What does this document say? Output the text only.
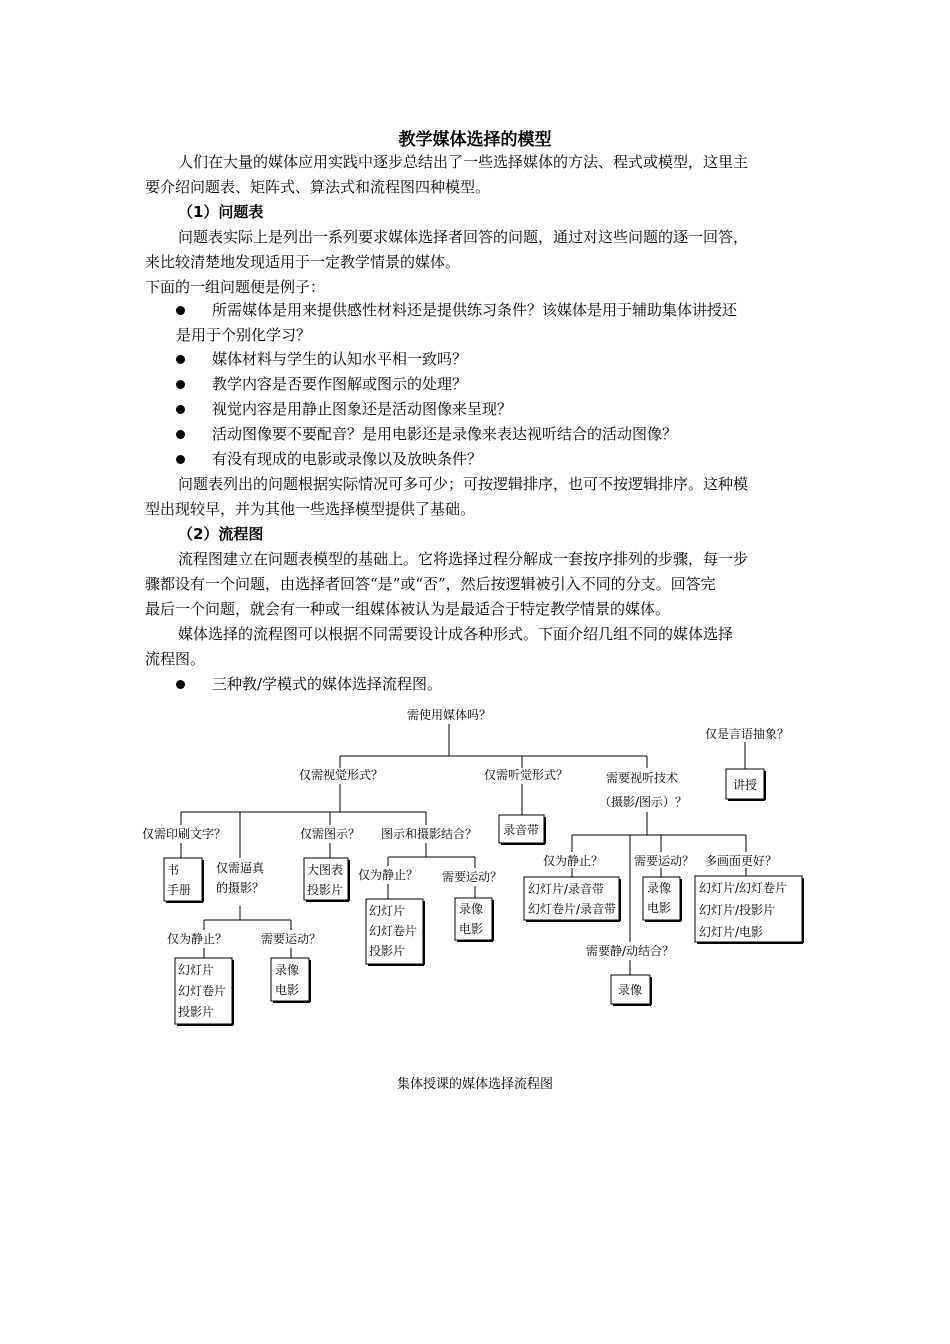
教学媒体选择的模型
人们在大量的媒体应用实践中逐步总结出了一些选择媒体的方法、程式或模型，这里主
要介绍问题表、矩阵式、算法式和流程图四种模型。
（1）问题表
问题表实际上是列出一系列要求媒体选择者回答的问题，通过对这些问题的逐一回答，
来比较清楚地发现适用于一定教学情景的媒体。
下面的一组问题便是例子：
所需媒体是用来提供感性材料还是提供练习条件？该媒体是用于辅助集体讲授还
是用于个别化学习？
媒体材料与学生的认知水平相一致吗？
教学内容是否要作图解或图示的处理？
视觉内容是用静止图象还是活动图像来呈现？
活动图像要不要配音？是用电影还是录像来表达视听结合的活动图像？
有没有现成的电影或录像以及放映条件？
问题表列出的问题根据实际情况可多可少；可按逻辑排序，也可不按逻辑排序。这种模
型出现较早，并为其他一些选择模型提供了基础。
（2）流程图
流程图建立在问题表模型的基础上。它将选择过程分解成一套按序排列的步骤，每一步
骤都设有一个问题，由选择者回答“是”或“否”，然后按逻辑被引入不同的分支。回答完
最后一个问题，就会有一种或一组媒体被认为是最适合于特定教学情景的媒体。
媒体选择的流程图可以根据不同需要设计成各种形式。下面介绍几组不同的媒体选择
流程图。
三种教/学模式的媒体选择流程图。
需使用媒体吗？
仅是言语抽象？
讲授
仅需视觉形式？	仅需听觉形式？	需要视听技术
（摄影/图示）？
录音带
仅需印刷文字？
书
手册
仅需逼真
的摄影？
仅需图示？
大图表
投影片
图示和摄影结合？
仅为静止？
幻灯片
幻灯卷片
投影片
需要运动？
录像
电影
仅为静止？
幻灯片
幻灯卷片
投影片
需要运动？
录像
电影
仅为静止？
幻灯片/录音带
幻灯卷片/录音带
需要运动？
录像
电影
多画面更好？
幻灯片/幻灯卷片
幻灯片/投影片
幻灯片/电影
需要静/动结合？
录像
集体授课的媒体选择流程图
